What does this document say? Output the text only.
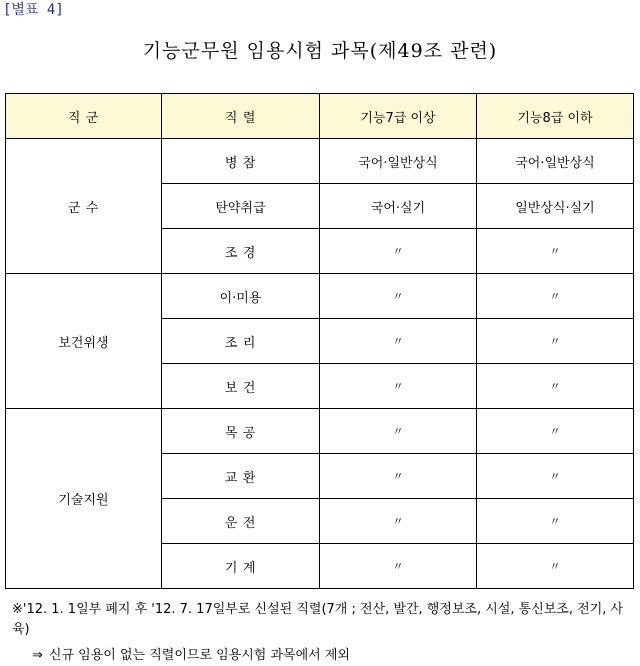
[별표 4]
기능군무원 임용시험 과목(제49조 관련)
직 군	직 렬	기능7급 이상	기능8급 이하
군 수	병 참	국어·일반상식	국어·일반상식
	탄약취급	국어·실기	일반상식·실기
	조 경	〃	〃
보건위생	이·미용	〃	〃
	조 리	〃	〃
	보 건	〃	〃
기술지원	목 공	〃	〃
	교 환	〃	〃
	운 전	〃	〃
	기 계	〃	〃
※'12. 1. 1일부 폐지 후 '12. 7. 17일부로 신설된 직렬(7개 ; 전산, 발간, 행정보조, 시설, 통신보조, 전기, 사육)
⇒ 신규 임용이 없는 직렬이므로 임용시험 과목에서 제외
